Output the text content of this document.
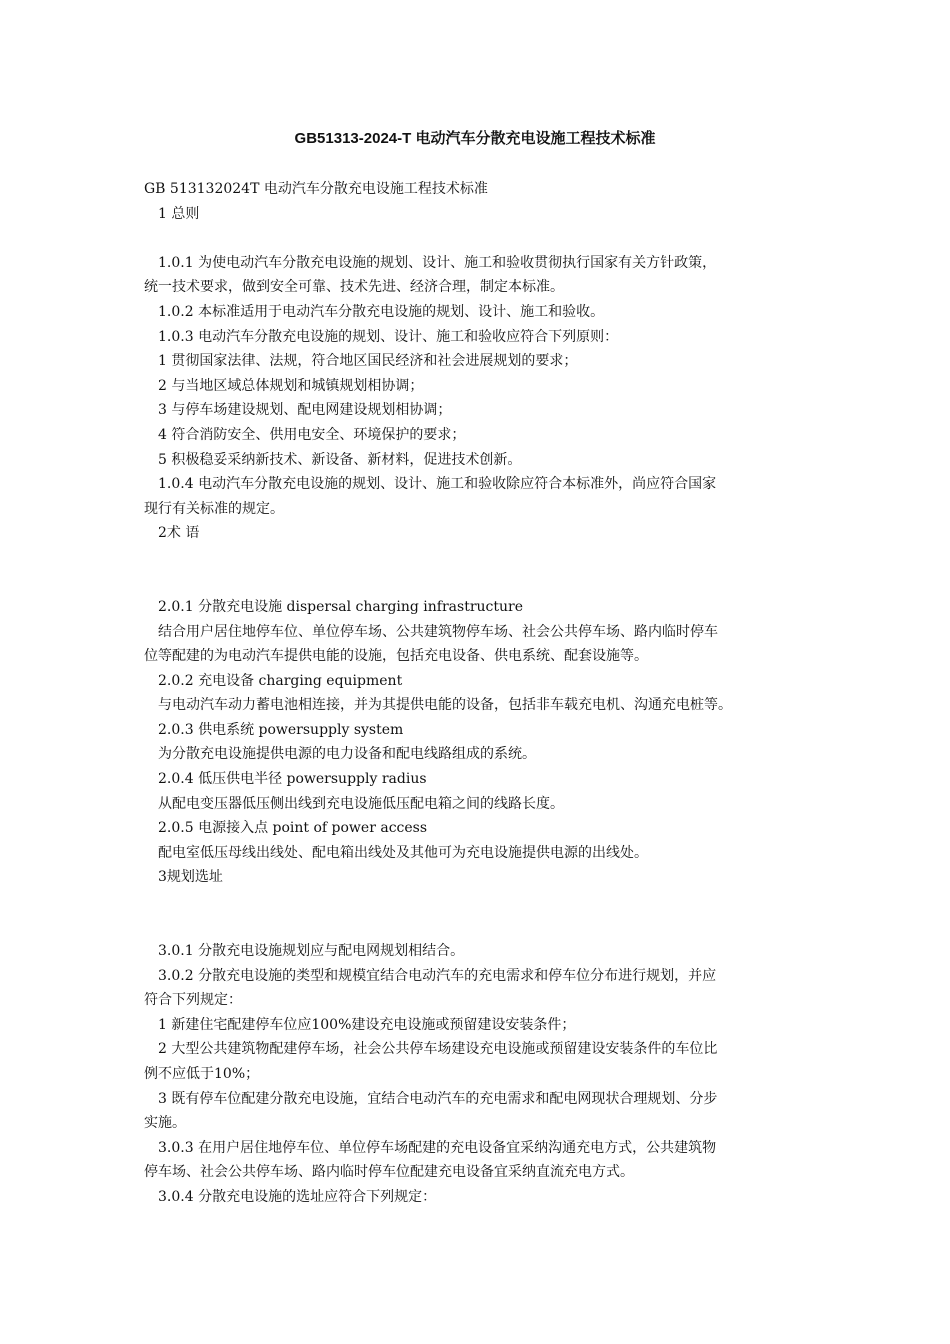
GB51313-2024-T 电动汽车分散充电设施工程技术标准
GB 513132024T 电动汽车分散充电设施工程技术标准
1 总则
1.0.1 为使电动汽车分散充电设施的规划、设计、施工和验收贯彻执行国家有关方针政策，
统一技术要求，做到安全可靠、技术先进、经济合理，制定本标准。
1.0.2 本标准适用于电动汽车分散充电设施的规划、设计、施工和验收。
1.0.3 电动汽车分散充电设施的规划、设计、施工和验收应符合下列原则：
1 贯彻国家法律、法规，符合地区国民经济和社会进展规划的要求；
2 与当地区域总体规划和城镇规划相协调；
3 与停车场建设规划、配电网建设规划相协调；
4 符合消防安全、供用电安全、环境保护的要求；
5 积极稳妥采纳新技术、新设备、新材料，促进技术创新。
1.0.4 电动汽车分散充电设施的规划、设计、施工和验收除应符合本标准外，尚应符合国家
现行有关标准的规定。
2术 语
2.0.1 分散充电设施 dispersal charging infrastructure
结合用户居住地停车位、单位停车场、公共建筑物停车场、社会公共停车场、路内临时停车
位等配建的为电动汽车提供电能的设施，包括充电设备、供电系统、配套设施等。
2.0.2 充电设备 charging equipment
与电动汽车动力蓄电池相连接，并为其提供电能的设备，包括非车载充电机、沟通充电桩等。
2.0.3 供电系统 powersupply system
为分散充电设施提供电源的电力设备和配电线路组成的系统。
2.0.4 低压供电半径 powersupply radius
从配电变压器低压侧出线到充电设施低压配电箱之间的线路长度。
2.0.5 电源接入点 point of power access
配电室低压母线出线处、配电箱出线处及其他可为充电设施提供电源的出线处。
3规划选址
3.0.1 分散充电设施规划应与配电网规划相结合。
3.0.2 分散充电设施的类型和规模宜结合电动汽车的充电需求和停车位分布进行规划，并应
符合下列规定：
1 新建住宅配建停车位应100%建设充电设施或预留建设安装条件；
2 大型公共建筑物配建停车场，社会公共停车场建设充电设施或预留建设安装条件的车位比
例不应低于10%；
3 既有停车位配建分散充电设施，宜结合电动汽车的充电需求和配电网现状合理规划、分步
实施。
3.0.3 在用户居住地停车位、单位停车场配建的充电设备宜采纳沟通充电方式，公共建筑物
停车场、社会公共停车场、路内临时停车位配建充电设备宜采纳直流充电方式。
3.0.4 分散充电设施的选址应符合下列规定：
